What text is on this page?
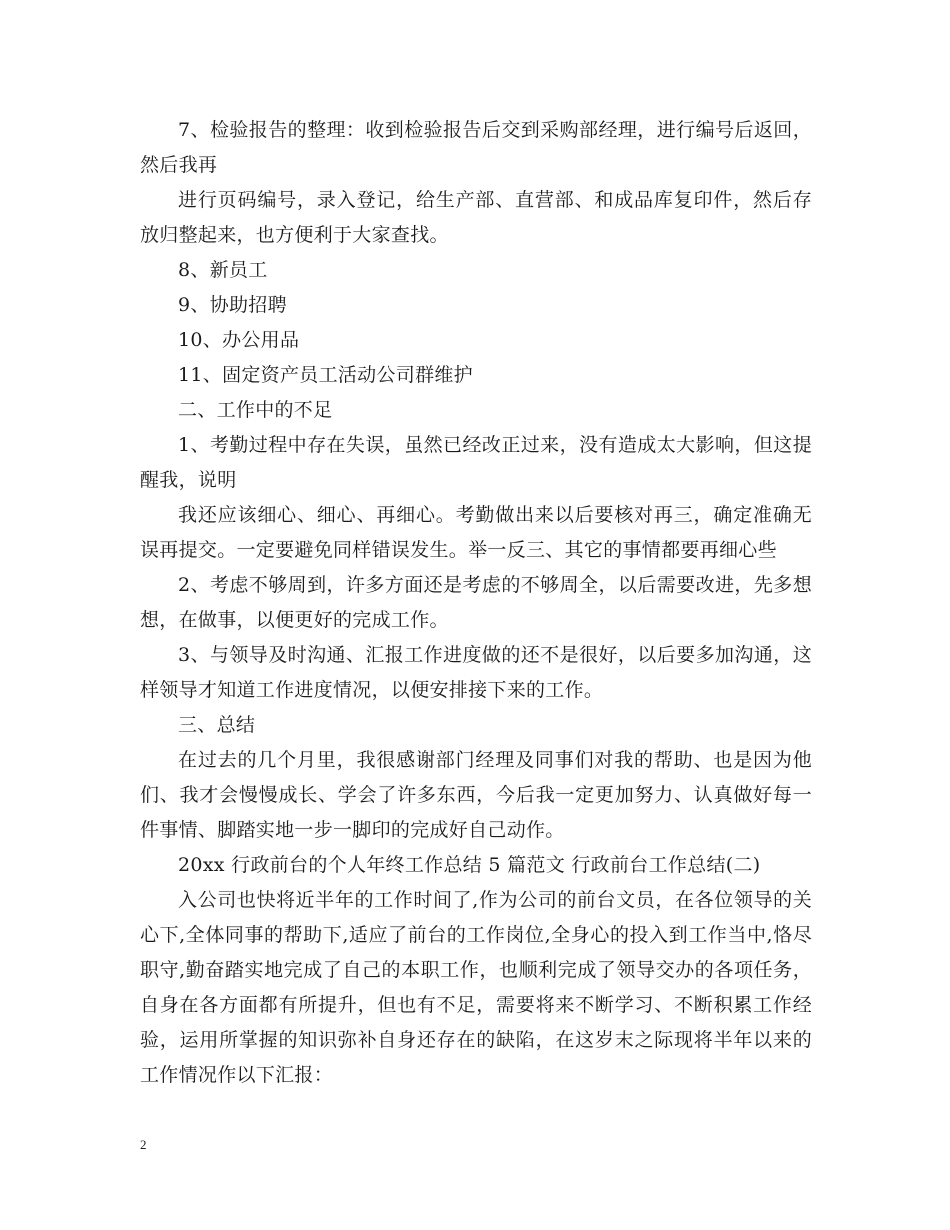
7、检验报告的整理：收到检验报告后交到采购部经理，进行编号后返回，然后我再

进行页码编号，录入登记，给生产部、直营部、和成品库复印件，然后存放归整起来，也方便利于大家查找。

8、新员工

9、协助招聘

10、办公用品

11、固定资产员工活动公司群维护

二、工作中的不足

1、考勤过程中存在失误，虽然已经改正过来，没有造成太大影响，但这提醒我，说明

我还应该细心、细心、再细心。考勤做出来以后要核对再三，确定准确无误再提交。一定要避免同样错误发生。举一反三、其它的事情都要再细心些

2、考虑不够周到，许多方面还是考虑的不够周全，以后需要改进，先多想想，在做事，以便更好的完成工作。

3、与领导及时沟通、汇报工作进度做的还不是很好，以后要多加沟通，这样领导才知道工作进度情况，以便安排接下来的工作。

三、总结

在过去的几个月里，我很感谢部门经理及同事们对我的帮助、也是因为他们、我才会慢慢成长、学会了许多东西，今后我一定更加努力、认真做好每一件事情、脚踏实地一步一脚印的完成好自己动作。

20xx 行政前台的个人年终工作总结 5 篇范文 行政前台工作总结(二)

入公司也快将近半年的工作时间了,作为公司的前台文员，在各位领导的关心下,全体同事的帮助下,适应了前台的工作岗位,全身心的投入到工作当中,恪尽职守,勤奋踏实地完成了自己的本职工作，也顺利完成了领导交办的各项任务，自身在各方面都有所提升，但也有不足，需要将来不断学习、不断积累工作经验，运用所掌握的知识弥补自身还存在的缺陷，在这岁末之际现将半年以来的工作情况作以下汇报：

2
